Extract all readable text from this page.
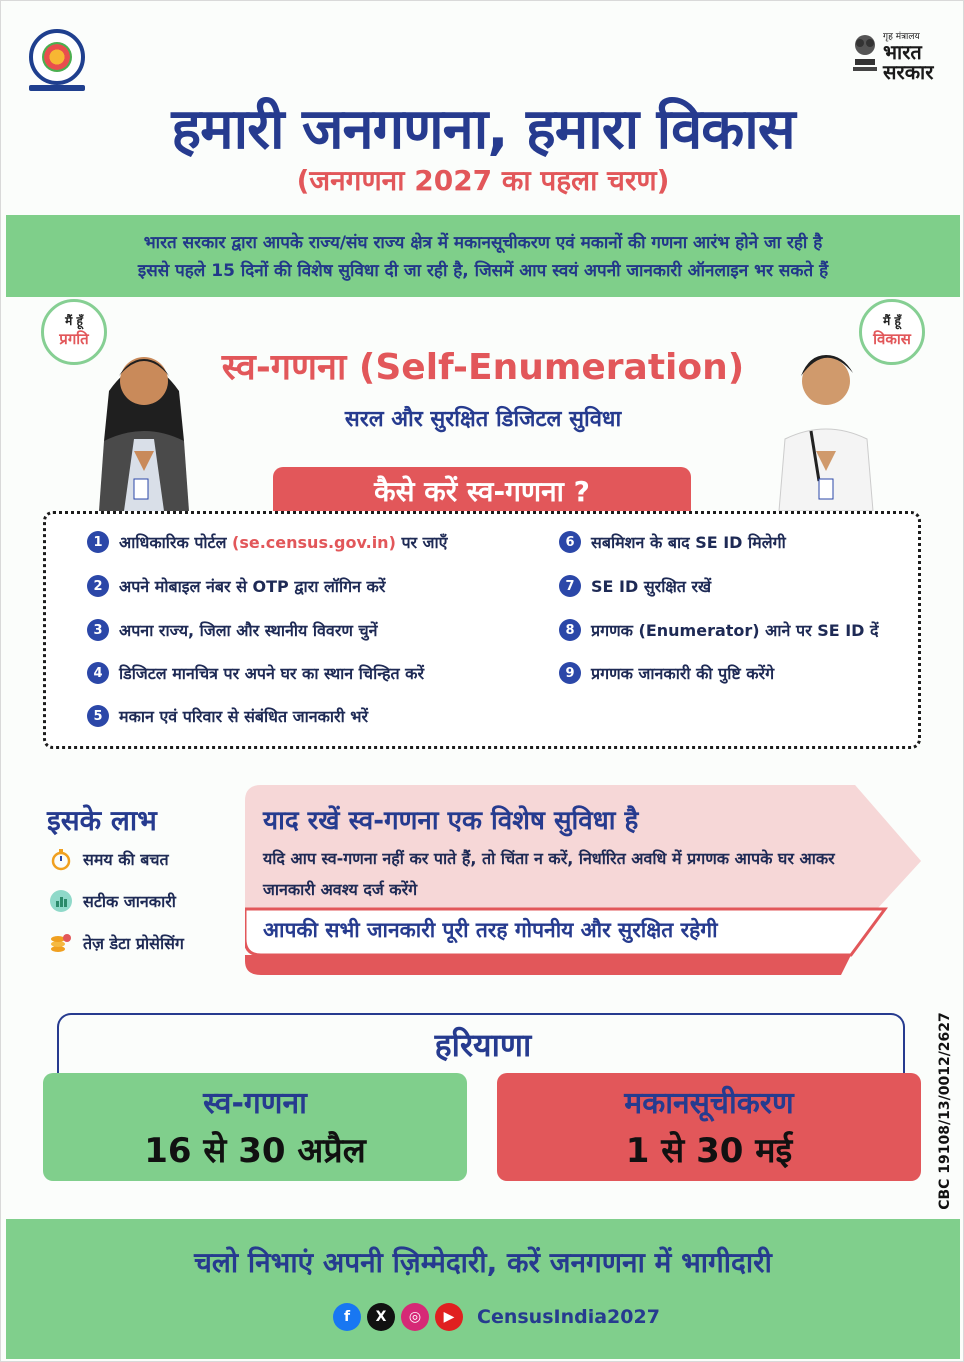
गृह मंत्रालय
भारत
सरकार
हमारी जनगणना, हमारा विकास
(जनगणना 2027 का पहला चरण)

भारत सरकार द्वारा आपके राज्य/संघ राज्य क्षेत्र में मकानसूचीकरण एवं मकानों की गणना आरंभ होने जा रही है

इससे पहले 15 दिनों की विशेष सुविधा दी जा रही है, जिसमें आप स्वयं अपनी जानकारी ऑनलाइन भर सकते हैं

मैं हूँ
प्रगति
मैं हूँ
विकास
स्व-गणना (Self-Enumeration)
सरल और सुरक्षित डिजिटल सुविधा
कैसे करें स्व-गणना ?
1	आधिकारिक पोर्टल (se.census.gov.in) पर जाएँ
2	अपने मोबाइल नंबर से OTP द्वारा लॉगिन करें
3	अपना राज्य, जिला और स्थानीय विवरण चुनें
4	डिजिटल मानचित्र पर अपने घर का स्थान चिन्हित करें
5	मकान एवं परिवार से संबंधित जानकारी भरें
6	सबमिशन के बाद SE ID मिलेगी
7	SE ID सुरक्षित रखें
8	प्रगणक (Enumerator) आने पर SE ID दें
9	प्रगणक जानकारी की पुष्टि करेंगे
इसके लाभ
समय की बचत
सटीक जानकारी
तेज़ डेटा प्रोसेसिंग
याद रखें स्व-गणना एक विशेष सुविधा है
यदि आप स्व-गणना नहीं कर पाते हैं, तो चिंता न करें, निर्धारित अवधि में प्रगणक आपके घर आकर जानकारी अवश्य दर्ज करेंगे
आपकी सभी जानकारी पूरी तरह गोपनीय और सुरक्षित रहेगी
हरियाणा
स्व-गणना
16 से 30 अप्रैल
मकानसूचीकरण
1 से 30 मई	CBC 19108/13/0012/2627
चलो निभाएं अपनी ज़िम्मेदारी, करें जनगणना में भागीदारी
f	X	◎	▶	CensusIndia2027
